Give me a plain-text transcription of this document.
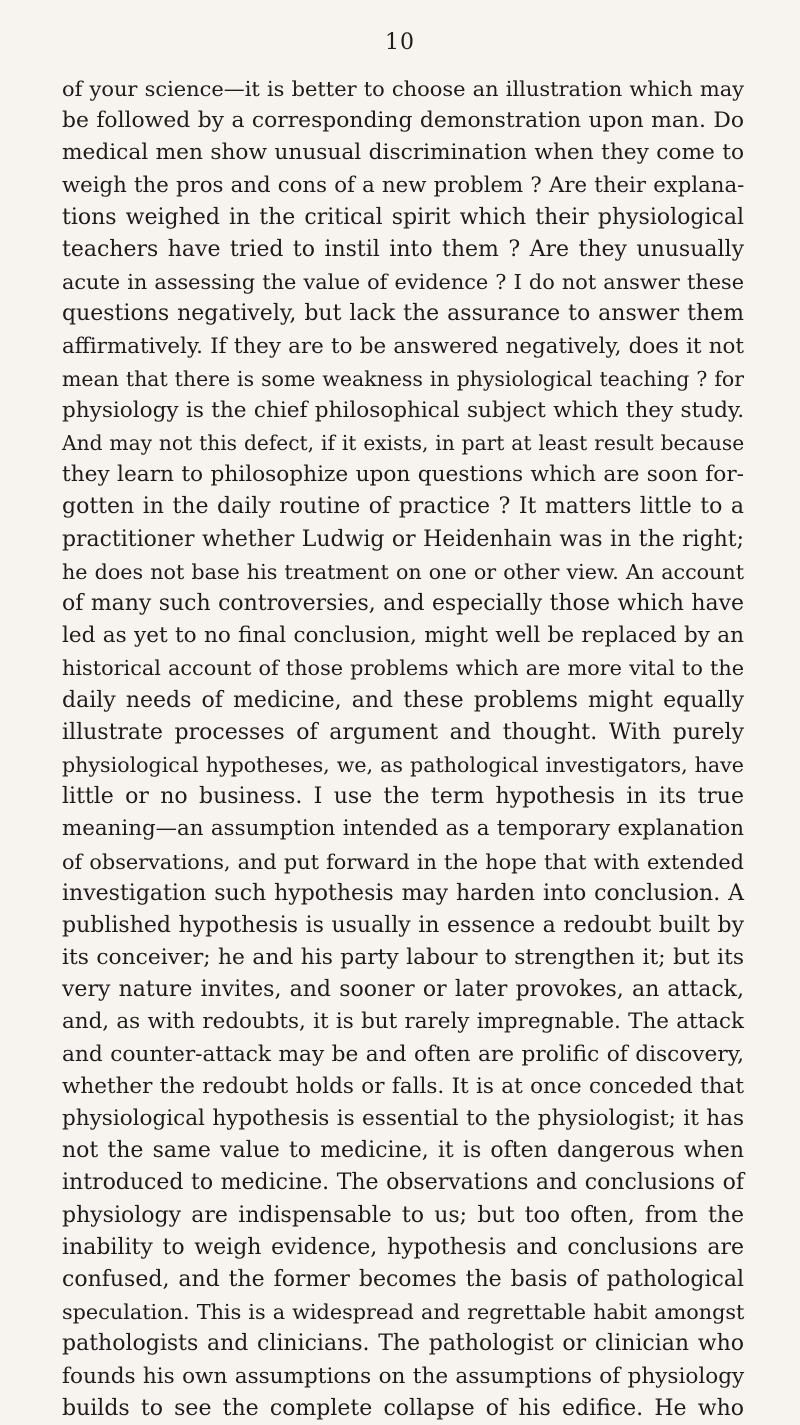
10
of your science—it is better to choose an illustration which may
be followed by a corresponding demonstration upon man. Do
medical men show unusual discrimination when they come to
weigh the pros and cons of a new problem ? Are their explana-
tions weighed in the critical spirit which their physiological
teachers have tried to instil into them ? Are they unusually
acute in assessing the value of evidence ? I do not answer these
questions negatively, but lack the assurance to answer them
affirmatively. If they are to be answered negatively, does it not
mean that there is some weakness in physiological teaching ? for
physiology is the chief philosophical subject which they study.
And may not this defect, if it exists, in part at least result because
they learn to philosophize upon questions which are soon for-
gotten in the daily routine of practice ? It matters little to a
practitioner whether Ludwig or Heidenhain was in the right;
he does not base his treatment on one or other view. An account
of many such controversies, and especially those which have
led as yet to no final conclusion, might well be replaced by an
historical account of those problems which are more vital to the
daily needs of medicine, and these problems might equally
illustrate processes of argument and thought. With purely
physiological hypotheses, we, as pathological investigators, have
little or no business. I use the term hypothesis in its true
meaning—an assumption intended as a temporary explanation
of observations, and put forward in the hope that with extended
investigation such hypothesis may harden into conclusion. A
published hypothesis is usually in essence a redoubt built by
its conceiver; he and his party labour to strengthen it; but its
very nature invites, and sooner or later provokes, an attack,
and, as with redoubts, it is but rarely impregnable. The attack
and counter-attack may be and often are prolific of discovery,
whether the redoubt holds or falls. It is at once conceded that
physiological hypothesis is essential to the physiologist; it has
not the same value to medicine, it is often dangerous when
introduced to medicine. The observations and conclusions of
physiology are indispensable to us; but too often, from the
inability to weigh evidence, hypothesis and conclusions are
confused, and the former becomes the basis of pathological
speculation. This is a widespread and regrettable habit amongst
pathologists and clinicians. The pathologist or clinician who
founds his own assumptions on the assumptions of physiology
builds to see the complete collapse of his edifice. He who
